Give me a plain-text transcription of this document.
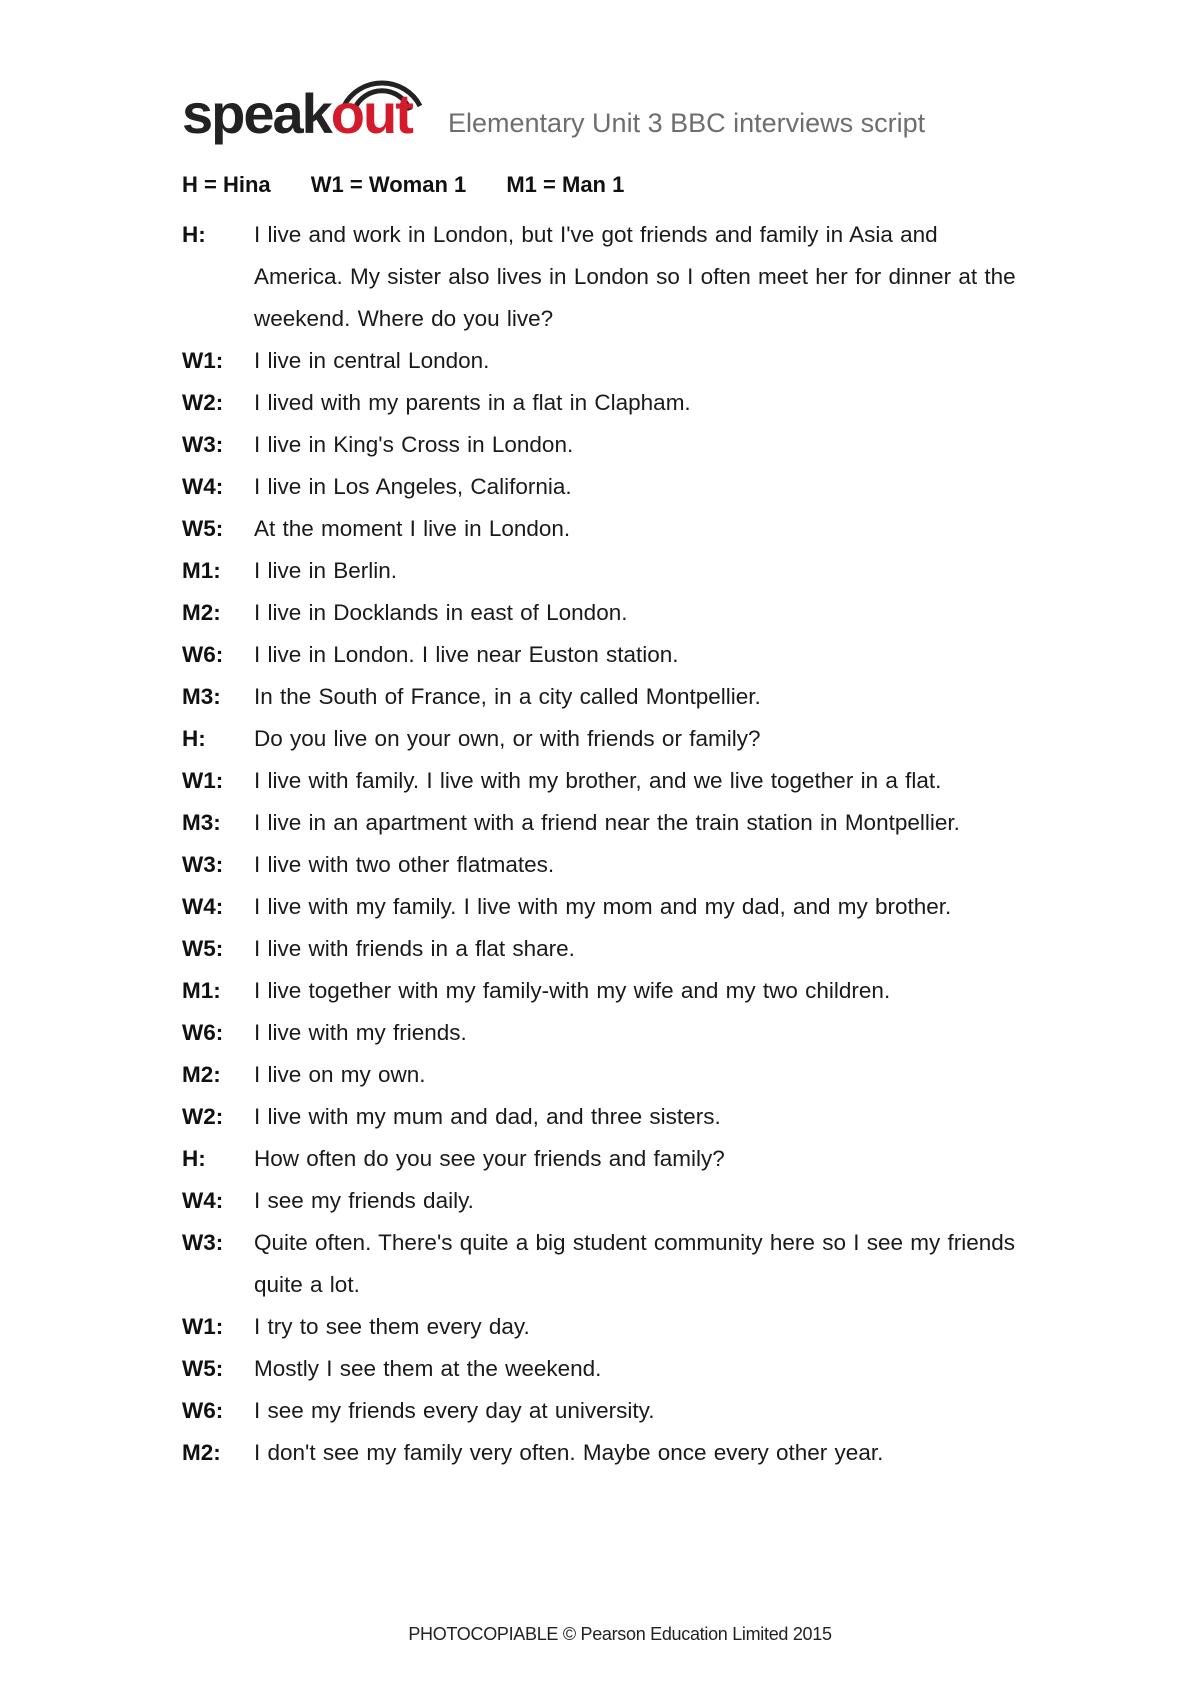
speakout Elementary Unit 3 BBC interviews script
H = Hina W1 = Woman 1 M1 = Man 1
H:	I live and work in London, but I've got friends and family in Asia and America. My sister also lives in London so I often meet her for dinner at the weekend. Where do you live?
W1:	I live in central London.
W2:	I lived with my parents in a flat in Clapham.
W3:	I live in King's Cross in London.
W4:	I live in Los Angeles, California.
W5:	At the moment I live in London.
M1:	I live in Berlin.
M2:	I live in Docklands in east of London.
W6:	I live in London. I live near Euston station.
M3:	In the South of France, in a city called Montpellier.
H:	Do you live on your own, or with friends or family?
W1:	I live with family. I live with my brother, and we live together in a flat.
M3:	I live in an apartment with a friend near the train station in Montpellier.
W3:	I live with two other flatmates.
W4:	I live with my family. I live with my mom and my dad, and my brother.
W5:	I live with friends in a flat share.
M1:	I live together with my family-with my wife and my two children.
W6:	I live with my friends.
M2:	I live on my own.
W2:	I live with my mum and dad, and three sisters.
H:	How often do you see your friends and family?
W4:	I see my friends daily.
W3:	Quite often. There's quite a big student community here so I see my friends quite a lot.
W1:	I try to see them every day.
W5:	Mostly I see them at the weekend.
W6:	I see my friends every day at university.
M2:	I don't see my family very often. Maybe once every other year.
PHOTOCOPIABLE © Pearson Education Limited 2015
